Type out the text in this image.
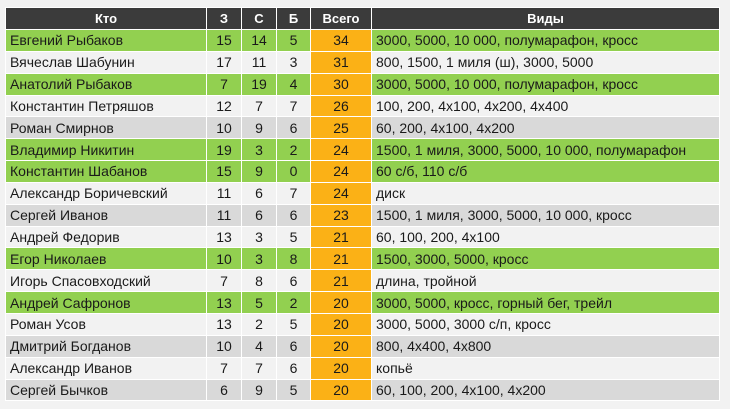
Кто	З	С	Б	Всего	Виды
Евгений Рыбаков	15	14	5	34	3000, 5000, 10 000, полумарафон, кросс
Вячеслав Шабунин	17	11	3	31	800, 1500, 1 миля (ш), 3000, 5000
Анатолий Рыбаков	7	19	4	30	3000, 5000, 10 000, полумарафон, кросс
Константин Петряшов	12	7	7	26	100, 200, 4х100, 4х200, 4х400
Роман Смирнов	10	9	6	25	60, 200, 4х100, 4х200
Владимир Никитин	19	3	2	24	1500, 1 миля, 3000, 5000, 10 000, полумарафон
Константин Шабанов	15	9	0	24	60 с/б, 110 с/б
Александр Боричевский	11	6	7	24	диск
Сергей Иванов	11	6	6	23	1500, 1 миля, 3000, 5000, 10 000, кросс
Андрей Федорив	13	3	5	21	60, 100, 200, 4х100
Егор Николаев	10	3	8	21	1500, 3000, 5000, кросс
Игорь Спасовходский	7	8	6	21	длина, тройной
Андрей Сафронов	13	5	2	20	3000, 5000, кросс, горный бег, трейл
Роман Усов	13	2	5	20	3000, 5000, 3000 с/п, кросс
Дмитрий Богданов	10	4	6	20	800, 4х400, 4х800
Александр Иванов	7	7	6	20	копьё
Сергей Бычков	6	9	5	20	60, 100, 200, 4х100, 4х200
